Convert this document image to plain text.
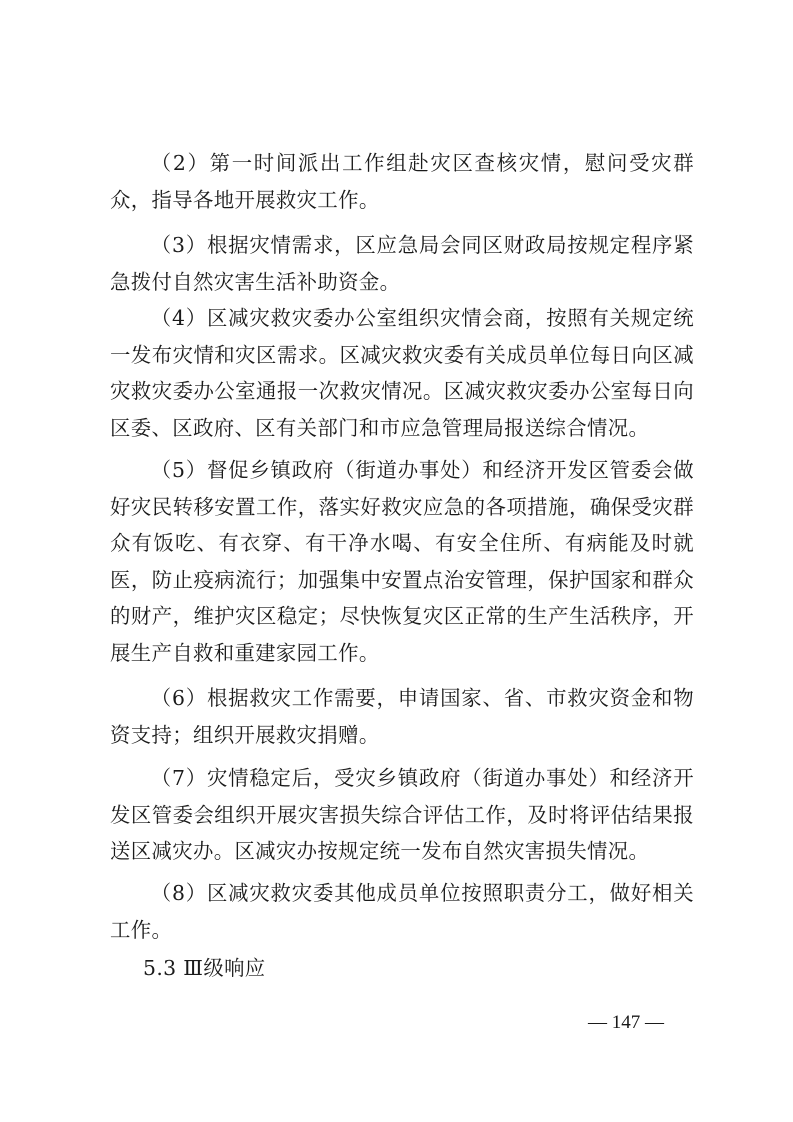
（2）第一时间派出工作组赴灾区查核灾情，慰问受灾群众，指导各地开展救灾工作。

（3）根据灾情需求，区应急局会同区财政局按规定程序紧急拨付自然灾害生活补助资金。

（4）区减灾救灾委办公室组织灾情会商，按照有关规定统一发布灾情和灾区需求。区减灾救灾委有关成员单位每日向区减灾救灾委办公室通报一次救灾情况。区减灾救灾委办公室每日向区委、区政府、区有关部门和市应急管理局报送综合情况。

（5）督促乡镇政府（街道办事处）和经济开发区管委会做好灾民转移安置工作，落实好救灾应急的各项措施，确保受灾群众有饭吃、有衣穿、有干净水喝、有安全住所、有病能及时就医，防止疫病流行；加强集中安置点治安管理，保护国家和群众的财产，维护灾区稳定；尽快恢复灾区正常的生产生活秩序，开展生产自救和重建家园工作。

（6）根据救灾工作需要，申请国家、省、市救灾资金和物资支持；组织开展救灾捐赠。

（7）灾情稳定后，受灾乡镇政府（街道办事处）和经济开发区管委会组织开展灾害损失综合评估工作，及时将评估结果报送区减灾办。区减灾办按规定统一发布自然灾害损失情况。

（8）区减灾救灾委其他成员单位按照职责分工，做好相关工作。

5.3 Ⅲ级响应

— 147 —
